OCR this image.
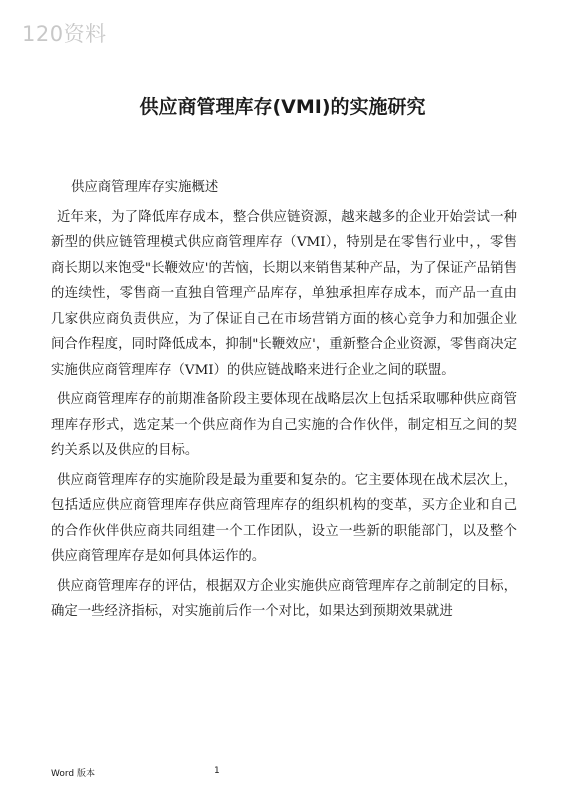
120资料
供应商管理库存(VMI)的实施研究

供应商管理库存实施概述

近年来，为了降低库存成本，整合供应链资源，越来越多的企业开始尝试一种新型的供应链管理模式供应商管理库存（VMI），特别是在零售行业中，，零售商长期以来饱受"长鞭效应'的苦恼，长期以来销售某种产品，为了保证产品销售的连续性，零售商一直独自管理产品库存，单独承担库存成本，而产品一直由几家供应商负责供应，为了保证自己在市场营销方面的核心竞争力和加强企业间合作程度，同时降低成本，抑制"长鞭效应'，重新整合企业资源，零售商决定实施供应商管理库存（VMI）的供应链战略来进行企业之间的联盟。

供应商管理库存的前期准备阶段主要体现在战略层次上包括采取哪种供应商管理库存形式，选定某一个供应商作为自己实施的合作伙伴，制定相互之间的契约关系以及供应的目标。

供应商管理库存的实施阶段是最为重要和复杂的。它主要体现在战术层次上，包括适应供应商管理库存供应商管理库存的组织机构的变革，买方企业和自己的合作伙伴供应商共同组建一个工作团队，设立一些新的职能部门，以及整个供应商管理库存是如何具体运作的。

供应商管理库存的评估，根据双方企业实施供应商管理库存之前制定的目标，确定一些经济指标，对实施前后作一个对比，如果达到预期效果就进

Word 版本	1
